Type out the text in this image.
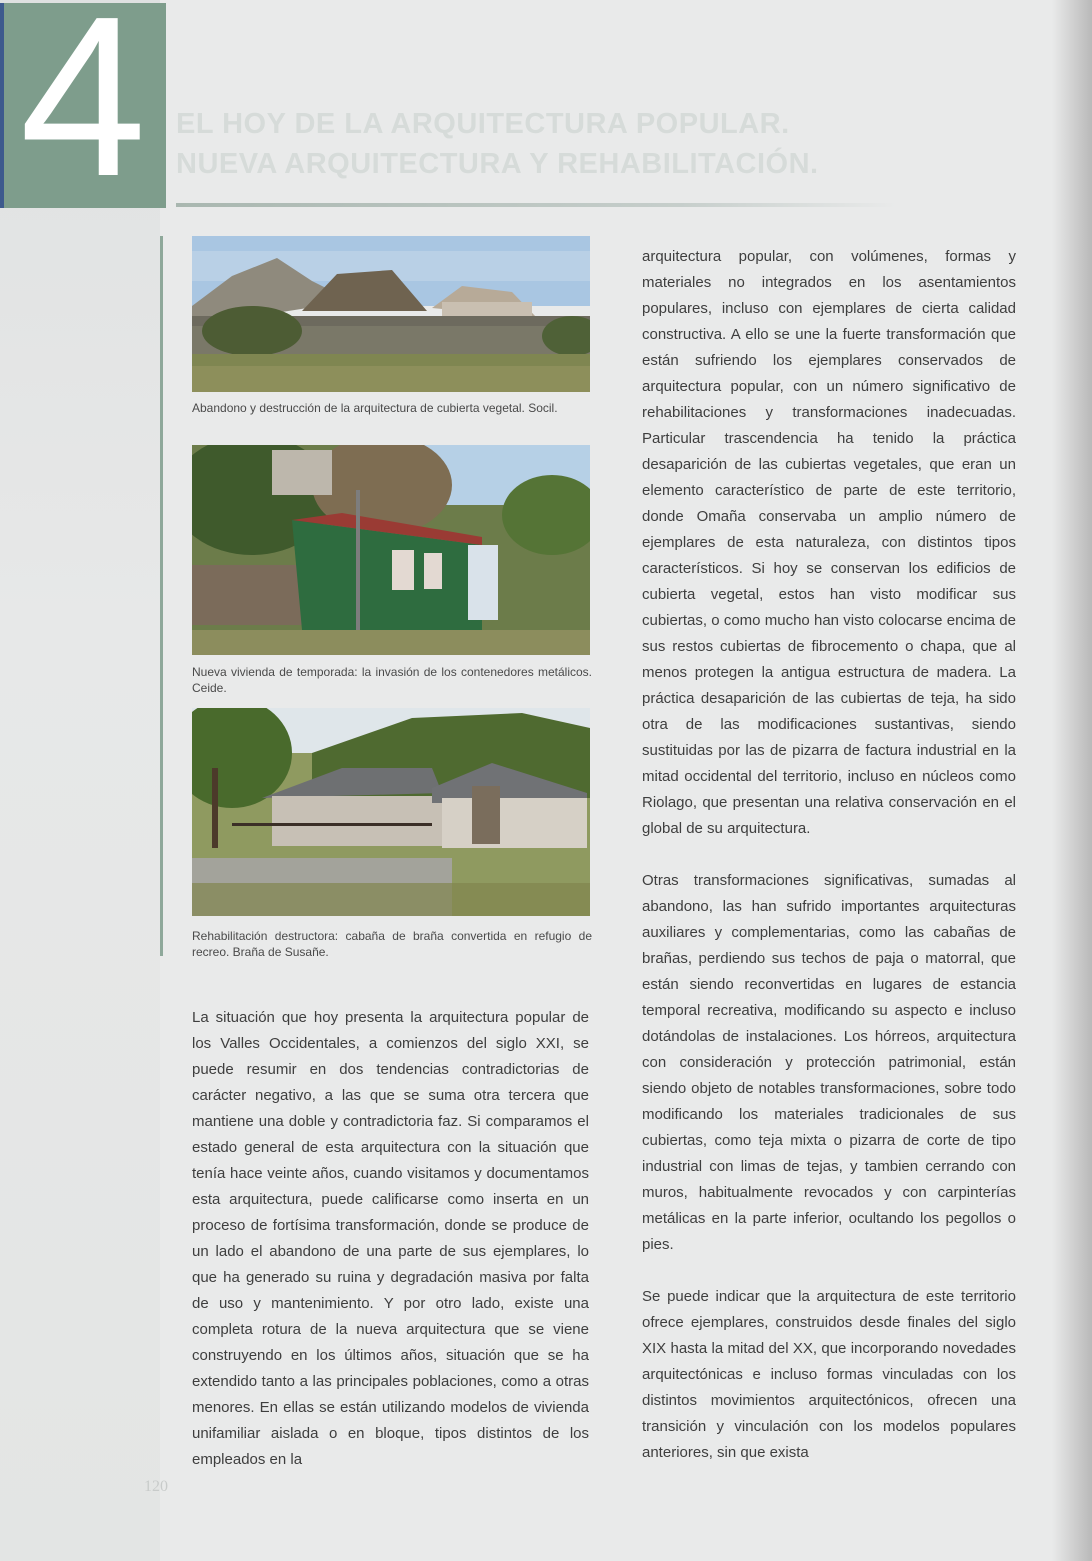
4	EL HOY DE LA ARQUITECTURA POPULAR.
NUEVA ARQUITECTURA Y REHABILITACIÓN.
Abandono y destrucción de la arquitectura de cubierta vegetal. Socil.
Nueva vivienda de temporada: la invasión de los contenedores metálicos. Ceide.
Rehabilitación destructora: cabaña de braña convertida en refugio de recreo. Braña de Susañe.

La situación que hoy presenta la arquitectura popular de los Valles Occidentales, a comienzos del siglo XXI, se puede resumir en dos tendencias contradictorias de carácter negativo, a las que se suma otra tercera que mantiene una doble y contradictoria faz. Si comparamos el estado general de esta arquitectura con la situación que tenía hace veinte años, cuando visitamos y documentamos esta arquitectura, puede calificarse como inserta en un proceso de fortísima transformación, donde se produce de un lado el abandono de una parte de sus ejemplares, lo que ha generado su ruina y degradación masiva por falta de uso y mantenimiento. Y por otro lado, existe una completa rotura de la nueva arquitectura que se viene construyendo en los últimos años, situación que se ha extendido tanto a las principales poblaciones, como a otras menores. En ellas se están utilizando modelos de vivienda unifamiliar aislada o en bloque, tipos distintos de los empleados en la

arquitectura popular, con volúmenes, formas y materiales no integrados en los asentamientos populares, incluso con ejemplares de cierta calidad constructiva. A ello se une la fuerte transformación que están sufriendo los ejemplares conservados de arquitectura popular, con un número significativo de rehabilitaciones y transformaciones inadecuadas. Particular trascendencia ha tenido la práctica desaparición de las cubiertas vegetales, que eran un elemento característico de parte de este territorio, donde Omaña conservaba un amplio número de ejemplares de esta naturaleza, con distintos tipos característicos. Si hoy se conservan los edificios de cubierta vegetal, estos han visto modificar sus cubiertas, o como mucho han visto colocarse encima de sus restos cubiertas de fibrocemento o chapa, que al menos protegen la antigua estructura de madera. La práctica desaparición de las cubiertas de teja, ha sido otra de las modificaciones sustantivas, siendo sustituidas por las de pizarra de factura industrial en la mitad occidental del territorio, incluso en núcleos como Riolago, que presentan una relativa conservación en el global de su arquitectura.

Otras transformaciones significativas, sumadas al abandono, las han sufrido importantes arquitecturas auxiliares y complementarias, como las cabañas de brañas, perdiendo sus techos de paja o matorral, que están siendo reconvertidas en lugares de estancia temporal recreativa, modificando su aspecto e incluso dotándolas de instalaciones. Los hórreos, arquitectura con consideración y protección patrimonial, están siendo objeto de notables transformaciones, sobre todo modificando los materiales tradicionales de sus cubiertas, como teja mixta o pizarra de corte de tipo industrial con limas de tejas, y tambien cerrando con muros, habitualmente revocados y con carpinterías metálicas en la parte inferior, ocultando los pegollos o pies.

Se puede indicar que la arquitectura de este territorio ofrece ejemplares, construidos desde finales del siglo XIX hasta la mitad del XX, que incorporando novedades arquitectónicas e incluso formas vinculadas con los distintos movimientos arquitectónicos, ofrecen una transición y vinculación con los modelos populares anteriores, sin que exista

120
